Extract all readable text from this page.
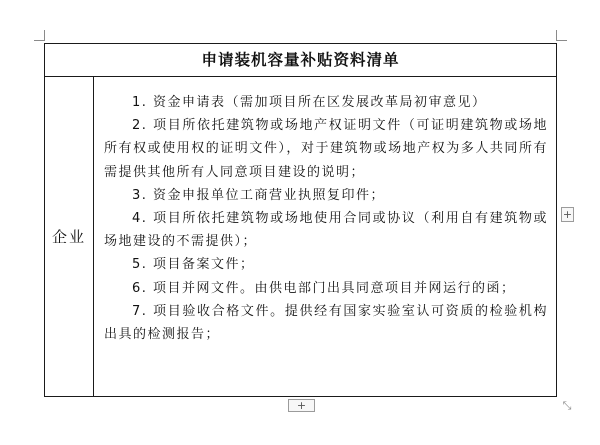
申请装机容量补贴资料清单
企业

1. 资金申请表（需加项目所在区发展改革局初审意见）

2. 项目所依托建筑物或场地产权证明文件（可证明建筑物或场地所有权或使用权的证明文件），对于建筑物或场地产权为多人共同所有需提供其他所有人同意项目建设的说明；

3. 资金申报单位工商营业执照复印件；

4. 项目所依托建筑物或场地使用合同或协议（利用自有建筑物或场地建设的不需提供）；

5. 项目备案文件；

6. 项目并网文件。由供电部门出具同意项目并网运行的函；

7. 项目验收合格文件。提供经有国家实验室认可资质的检验机构出具的检测报告；

+
+	⤡
